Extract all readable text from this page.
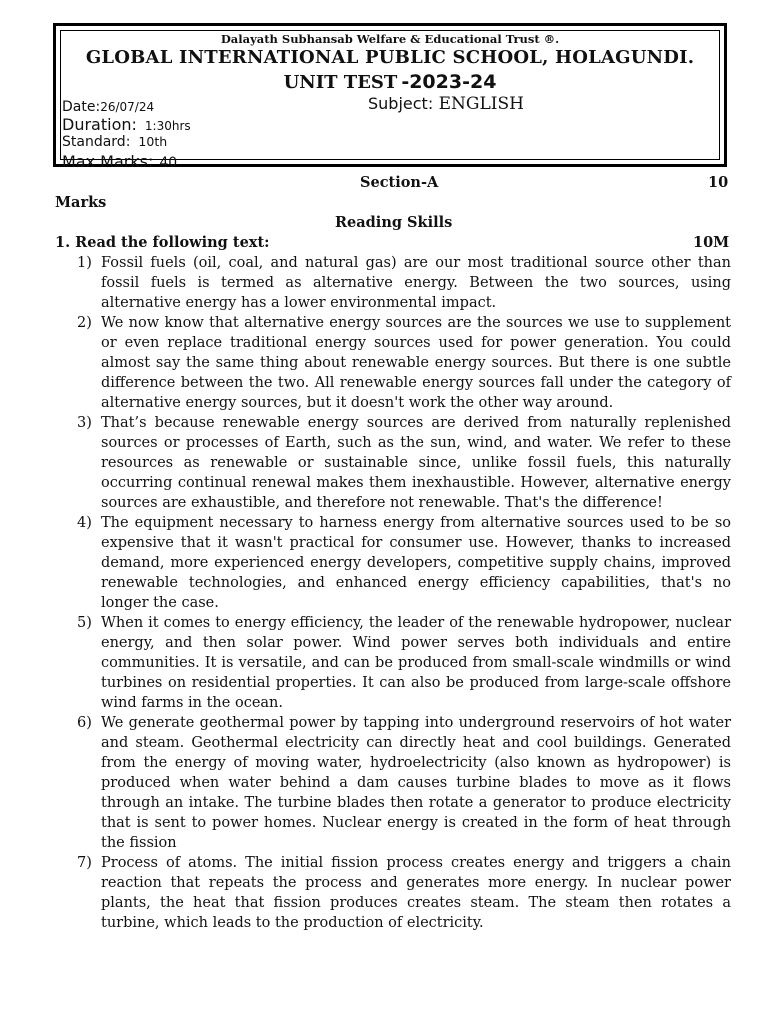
Dalayath Subhansab Welfare & Educational Trust ®.
GLOBAL INTERNATIONAL PUBLIC SCHOOL, HOLAGUNDI.
UNIT TEST -2023-24
Date:26/07/24	Subject: ENGLISH
Duration: 1:30hrs
Standard: 10th
Max Marks: 40
Section-A	10
Marks
Reading Skills
1. Read the following text:	10M
1) Fossil fuels (oil, coal, and natural gas) are our most traditional source other than fossil fuels is termed as alternative energy. Between the two sources, using alternative energy has a lower environmental impact.
2) We now know that alternative energy sources are the sources we use to supplement or even replace traditional energy sources used for power generation. You could almost say the same thing about renewable energy sources. But there is one subtle difference between the two. All renewable energy sources fall under the category of alternative energy sources, but it doesn't work the other way around.
3) That’s because renewable energy sources are derived from naturally replenished sources or processes of Earth, such as the sun, wind, and water. We refer to these resources as renewable or sustainable since, unlike fossil fuels, this naturally occurring continual renewal makes them inexhaustible. However, alternative energy sources are exhaustible, and therefore not renewable. That's the difference!
4) The equipment necessary to harness energy from alternative sources used to be so expensive that it wasn't practical for consumer use. However, thanks to increased demand, more experienced energy developers, competitive supply chains, improved renewable technologies, and enhanced energy efficiency capabilities, that's no longer the case.
5) When it comes to energy efficiency, the leader of the renewable hydropower, nuclear energy, and then solar power. Wind power serves both individuals and entire communities. It is versatile, and can be produced from small-scale windmills or wind turbines on residential properties. It can also be produced from large-scale offshore wind farms in the ocean.
6) We generate geothermal power by tapping into underground reservoirs of hot water and steam. Geothermal electricity can directly heat and cool buildings. Generated from the energy of moving water, hydroelectricity (also known as hydropower) is produced when water behind a dam causes turbine blades to move as it flows through an intake. The turbine blades then rotate a generator to produce electricity that is sent to power homes. Nuclear energy is created in the form of heat through the fission
7) Process of atoms. The initial fission process creates energy and triggers a chain reaction that repeats the process and generates more energy. In nuclear power plants, the heat that fission produces creates steam. The steam then rotates a turbine, which leads to the production of electricity.
